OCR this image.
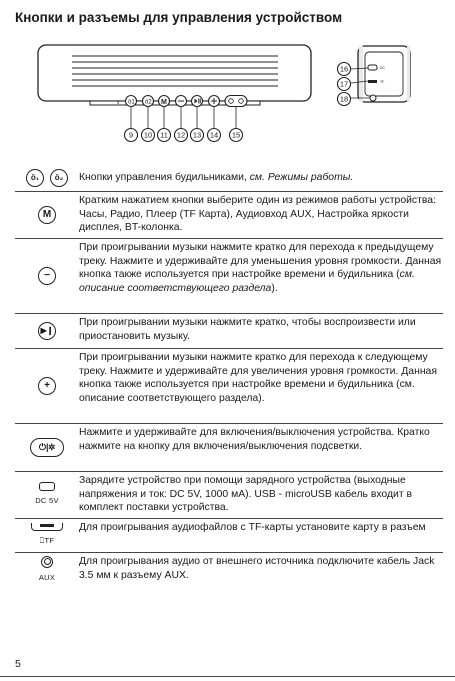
Кнопки и разъемы для управления устройством
v ö1 ö2 M
9 10 11 12 13 14 15
DC
TF
16
17
18
ö₁	ö₂	Кнопки управления будильниками, см. Режимы работы.
M
Кратким нажатием кнопки выберите один из режимов работы устройства: Часы, Радио, Плеер (TF Карта), Аудиовход AUX, Настройка яркости дисплея, BT-колонка.
−
При проигрывании музыки нажмите кратко для перехода к предыдущему треку. Нажмите и удерживайте для уменьшения уровня громкости. Данная кнопка также используется при настройке времени и будильника (см. описание соответствующего раздела).
▶❙
При проигрывании музыки нажмите кратко, чтобы воспроизвести или приостановить музыку.
+
При проигрывании музыки нажмите кратко для перехода к следующему треку. Нажмите и удерживайте для увеличения уровня громкости. Данная кнопка также используется при настройке времени и будильника (см. описание соответствующего раздела).
⏻|✲
Нажмите и удерживайте для включения/выключения устройства. Кратко нажмите на кнопку для включения/выключения подсветки.
DC 5V
Зарядите устройство при помощи зарядного устройства (выходные напряжения и ток: DC 5V, 1000 мА). USB - microUSB кабель входит в комплект поставки устройства.
⎕TF
Для проигрывания аудиофайлов с TF-карты установите карту в разъем
AUX
Для проигрывания аудио от внешнего источника подключите кабель Jack 3.5 мм к разъему AUX.
5
